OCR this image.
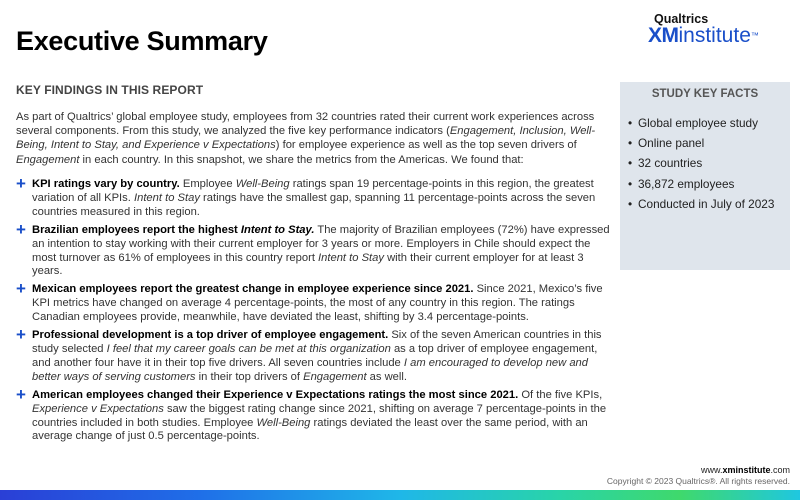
Executive Summary
Qualtrics
XMinstitute™
KEY FINDINGS IN THIS REPORT

As part of Qualtrics’ global employee study, employees from 32 countries rated their current work experiences across several components. From this study, we analyzed the five key performance indicators (Engagement, Inclusion, Well-Being, Intent to Stay, and Experience v Expectations) for employee experience as well as the top seven drivers of Engagement in each country. In this snapshot, we share the metrics from the Americas. We found that:

+ KPI ratings vary by country. Employee Well-Being ratings span 19 percentage-points in this region, the greatest variation of all KPIs. Intent to Stay ratings have the smallest gap, spanning 11 percentage-points across the seven countries measured in this region.
+ Brazilian employees report the highest Intent to Stay. The majority of Brazilian employees (72%) have expressed an intention to stay working with their current employer for 3 years or more. Employers in Chile should expect the most turnover as 61% of employees in this country report Intent to Stay with their current employer for at least 3 years.
+ Mexican employees report the greatest change in employee experience since 2021. Since 2021, Mexico’s five KPI metrics have changed on average 4 percentage-points, the most of any country in this region. The ratings Canadian employees provide, meanwhile, have deviated the least, shifting by 3.4 percentage-points.
+ Professional development is a top driver of employee engagement. Six of the seven American countries in this study selected I feel that my career goals can be met at this organization as a top driver of employee engagement, and another four have it in their top five drivers. All seven countries include I am encouraged to develop new and better ways of serving customers in their top drivers of Engagement as well.
+ American employees changed their Experience v Expectations ratings the most since 2021. Of the five KPIs, Experience v Expectations saw the biggest rating change since 2021, shifting on average 7 percentage-points in the countries included in both studies. Employee Well-Being ratings deviated the least over the same period, with an average change of just 0.5 percentage-points.
STUDY KEY FACTS
• Global employee study
• Online panel
• 32 countries
• 36,872 employees
• Conducted in July of 2023
www.xminstitute.com
Copyright © 2023 Qualtrics®. All rights reserved.
